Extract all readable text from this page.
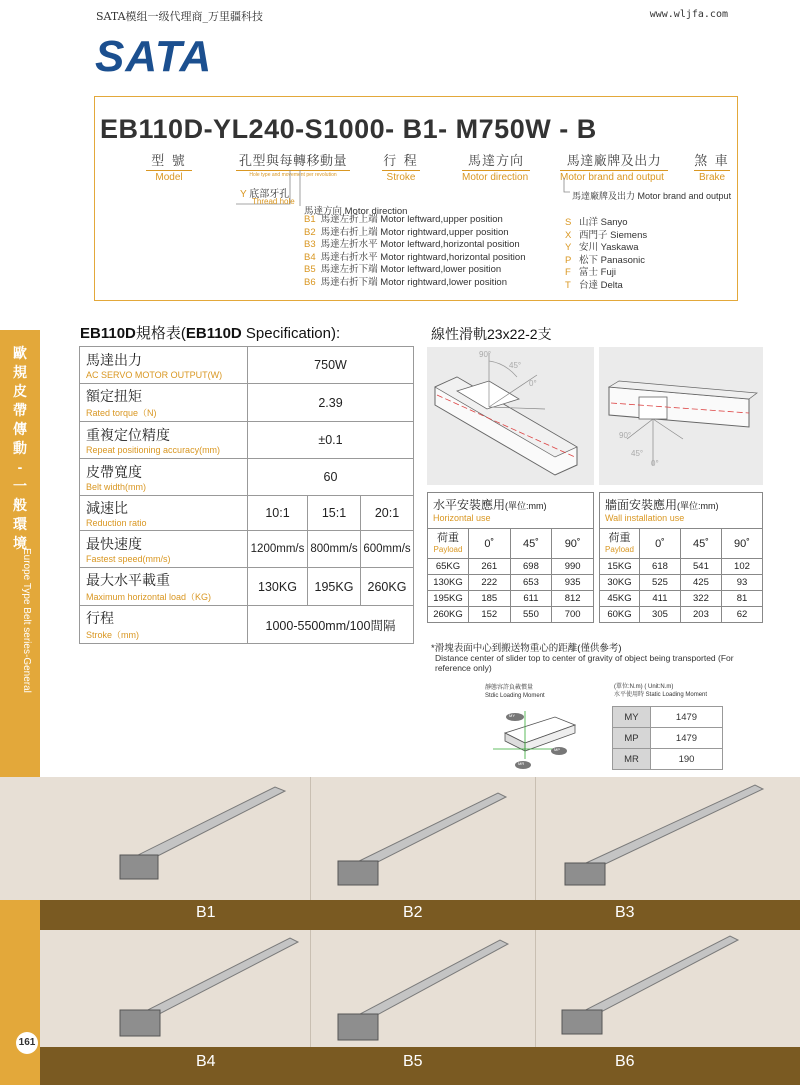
SATA模组一级代理商_万里疆科技	www.wljfa.com
SATA
歐
規
皮
帶
傳
動
-
一
般
環
境
Europe Type Belt series-General
161
EB110D-YL240-S1000- B1- M750W - B
型 號
Model
孔型與每轉移動量
Hole type and movement per revolution
行 程
Stroke
馬達方向
Motor direction
馬達廠牌及出力
Motor brand and output
煞 車
Brake
Y 底部牙孔
Thread hole
馬達廠牌及出力 Motor brand and output
馬達方向 Motor direction
B1 馬達左折上端 Motor leftward,upper position
B2 馬達右折上端 Motor rightward,upper position
B3 馬達左折水平 Motor leftward,horizontal position
B4 馬達右折水平 Motor rightward,horizontal position
B5 馬達左折下端 Motor leftward,lower position
B6 馬達右折下端 Motor rightward,lower position
S 山洋 Sanyo
X 西門子 Siemens
Y 安川 Yaskawa
P 松下 Panasonic
F 富士 Fuji
T 台達 Delta
EB110D規格表(EB110D Specification):
馬達出力
AC SERVO MOTOR OUTPUT(W)	750W		

額定扭矩
Rated torque（N)	2.39		

重複定位精度
Repeat positioning accuracy(mm)	±0.1		

皮帶寬度
Belt width(mm)	60		

減速比
Reduction ratio	10:1	15:1	20:1

最快速度
Fastest speed(mm/s)	1200mm/s	800mm/s	600mm/s

最大水平載重
Maximum horizontal load（KG)	130KG	195KG	260KG

行程
Stroke（mm)	1000-5500mm/100間隔		
線性滑軌23x22-2支
90°
45°
0°
90°
45°
0°
水平安裝應用(單位:mm)
Horizontal use
荷重
Payload	0˚	45˚	90˚
65KG	261	698	990
130KG	222	653	935
195KG	185	611	812
260KG	152	550	700
牆面安裝應用(單位:mm)
Wall installation use
荷重
Payload	0˚	45˚	90˚
15KG	618	541	102
30KG	525	425	93
45KG	411	322	81
60KG	305	203	62
*滑塊表面中心到搬送物重心的距離(僅供參考)
Distance center of slider top to center of gravity of object being transported (For reference only)
靜態容許負載慣量
Stdic Loading Moment
MY
MP
MR
(單位:N.m) ( Unit:N.m)
水平使用時 Static Loading Moment
MY	1479
MP	1479
MR	190
B1	B2	B3
B4	B5	B6
